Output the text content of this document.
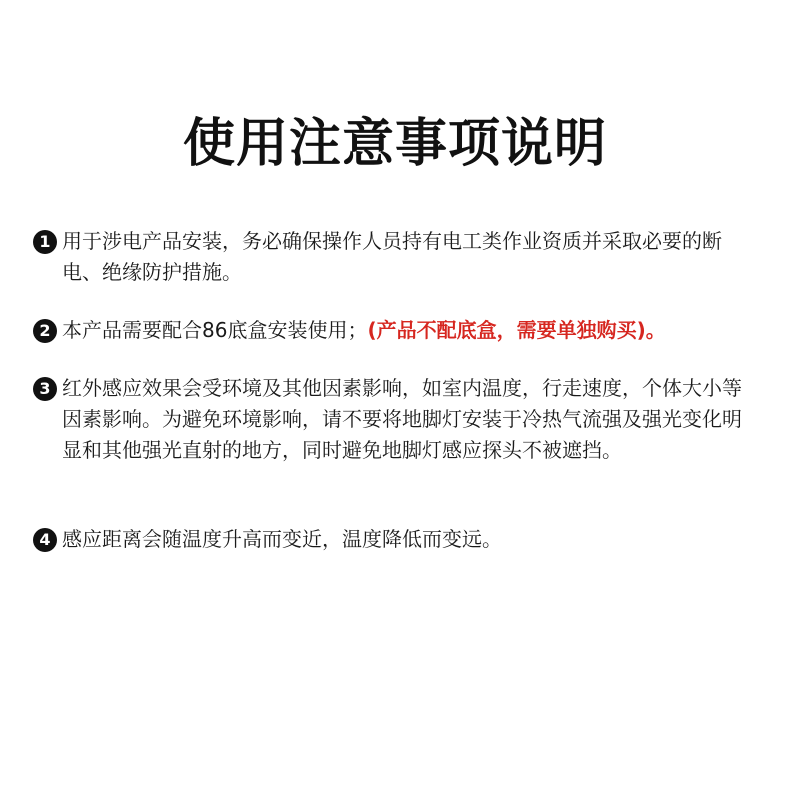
使用注意事项说明
1 用于涉电产品安装，务必确保操作人员持有电工类作业资质并采取必要的断电、绝缘防护措施。
2 本产品需要配合86底盒安装使用；(产品不配底盒，需要单独购买)。
3 红外感应效果会受环境及其他因素影响，如室内温度，行走速度，个体大小等因素影响。为避免环境影响，请不要将地脚灯安装于冷热气流强及强光变化明显和其他强光直射的地方，同时避免地脚灯感应探头不被遮挡。
4 感应距离会随温度升高而变近，温度降低而变远。
